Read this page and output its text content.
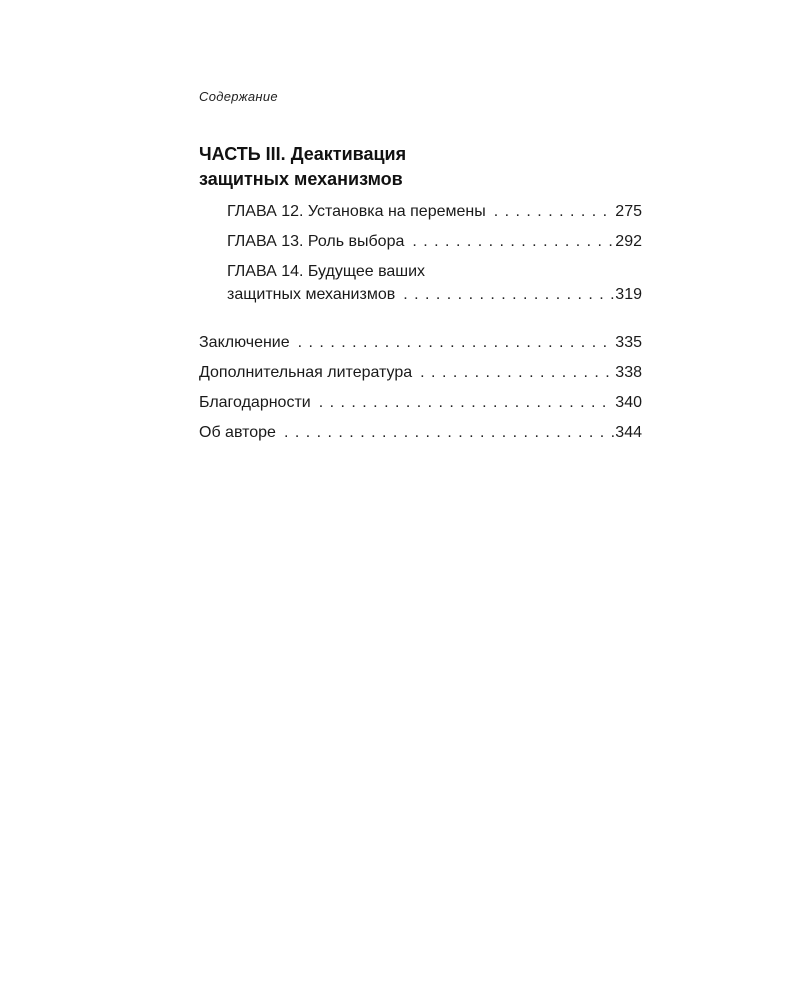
Содержание
ЧАСТЬ III. Деактивация
защитных механизмов
ГЛАВА 12. Установка на перемены . . .	275
ГЛАВА 13. Роль выбора . . .	292
ГЛАВА 14. Будущее ваших
защитных механизмов . . .	319
Заключение . . .	335
Дополнительная литература . . .	338
Благодарности . . .	340
Об авторе . . .	344
